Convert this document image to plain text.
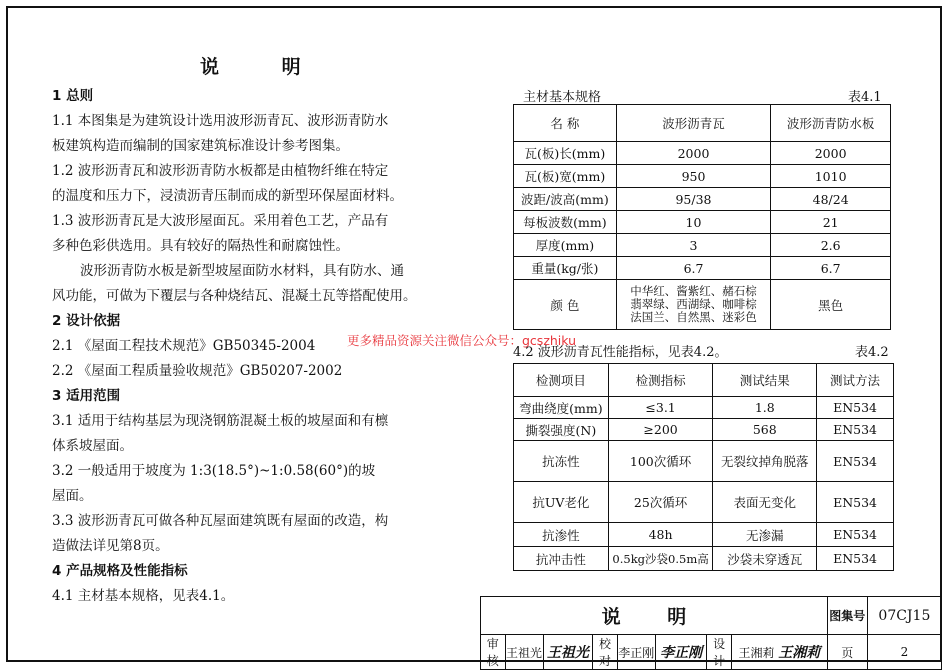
说 明

1 总则

1.1 本图集是为建筑设计选用波形沥青瓦、波形沥青防水

板建筑构造而编制的国家建筑标准设计参考图集。

1.2 波形沥青瓦和波形沥青防水板都是由植物纤维在特定

的温度和压力下，浸渍沥青压制而成的新型环保屋面材料。

1.3 波形沥青瓦是大波形屋面瓦。采用着色工艺，产品有

多种色彩供选用。具有较好的隔热性和耐腐蚀性。

波形沥青防水板是新型坡屋面防水材料，具有防水、通

风功能，可做为下覆层与各种烧结瓦、混凝土瓦等搭配使用。

2 设计依据

2.1 《屋面工程技术规范》GB50345-2004

2.2 《屋面工程质量验收规范》GB50207-2002

3 适用范围

3.1 适用于结构基层为现浇钢筋混凝土板的坡屋面和有檩

体系坡屋面。

3.2 一般适用于坡度为 1:3(18.5°)~1:0.58(60°)的坡

屋面。

3.3 波形沥青瓦可做各种瓦屋面建筑既有屋面的改造，构

造做法详见第8页。

4 产品规格及性能指标

4.1 主材基本规格，见表4.1。

主材基本规格	表4.1
名 称	波形沥青瓦	波形沥青防水板
瓦(板)长(mm)	2000	2000
瓦(板)宽(mm)	950	1010
波距/波高(mm)	95/38	48/24
每板波数(mm)	10	21
厚度(mm)	3	2.6
重量(kg/张)	6.7	6.7
颜 色	中华红、酱紫红、赭石棕
翡翠绿、西湖绿、咖啡棕
法国兰、自然黑、迷彩色	黑色
更多精品资源关注微信公众号：gcszhiku
4.2 波形沥青瓦性能指标，见表4.2。	表4.2
检测项目	检测指标	测试结果	测试方法
弯曲绕度(mm)	≤3.1	1.8	EN534
撕裂强度(N)	≥200	568	EN534
抗冻性	100次循环	无裂纹掉角脱落	EN534
抗UV老化	25次循环	表面无变化	EN534
抗渗性	48h	无渗漏	EN534
抗冲击性	0.5kg沙袋0.5m高	沙袋未穿透瓦	EN534
说 明								图集号	07CJ15
审核	王祖光	王祖光	校对	李正刚	李正刚	设计	王湘莉 王湘莉	页	2
